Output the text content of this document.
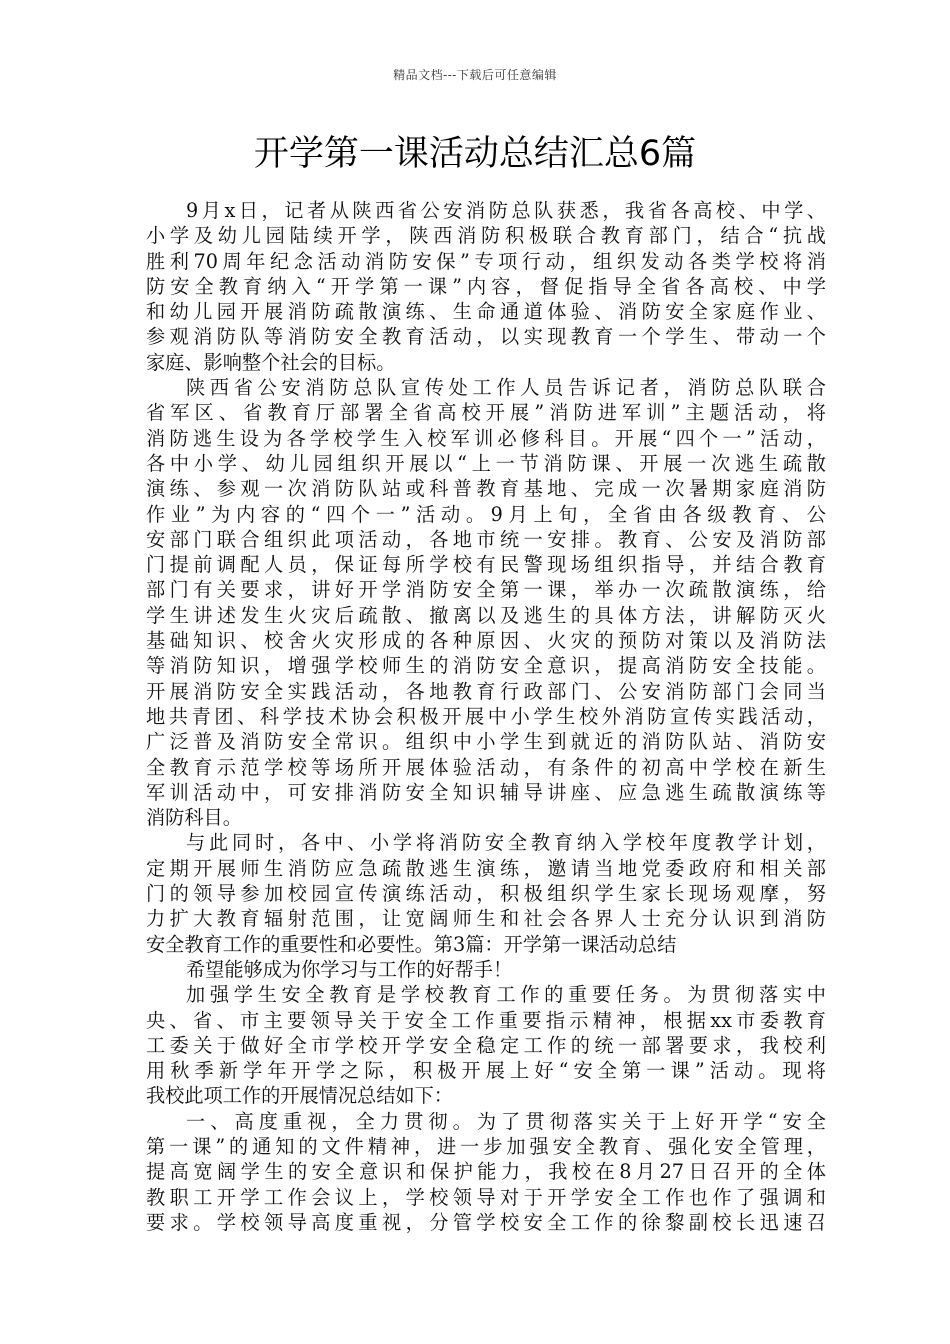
精品文档---下载后可任意编辑
开学第一课活动总结汇总6篇
9月x日，记者从陕西省公安消防总队获悉，我省各高校、中学、
小学及幼儿园陆续开学，陕西消防积极联合教育部门，结合“抗战
胜利70周年纪念活动消防安保”专项行动，组织发动各类学校将消
防安全教育纳入“开学第一课”内容，督促指导全省各高校、中学
和幼儿园开展消防疏散演练、生命通道体验、消防安全家庭作业、
参观消防队等消防安全教育活动，以实现教育一个学生、带动一个
家庭、影响整个社会的目标。
陕西省公安消防总队宣传处工作人员告诉记者，消防总队联合
省军区、省教育厅部署全省高校开展”消防进军训”主题活动，将
消防逃生设为各学校学生入校军训必修科目。开展“四个一”活动，
各中小学、幼儿园组织开展以“上一节消防课、开展一次逃生疏散
演练、参观一次消防队站或科普教育基地、完成一次暑期家庭消防
作业”为内容的“四个一”活动。9月上旬，全省由各级教育、公
安部门联合组织此项活动，各地市统一安排。教育、公安及消防部
门提前调配人员，保证每所学校有民警现场组织指导，并结合教育
部门有关要求，讲好开学消防安全第一课，举办一次疏散演练，给
学生讲述发生火灾后疏散、撤离以及逃生的具体方法，讲解防灭火
基础知识、校舍火灾形成的各种原因、火灾的预防对策以及消防法
等消防知识，增强学校师生的消防安全意识，提高消防安全技能。
开展消防安全实践活动，各地教育行政部门、公安消防部门会同当
地共青团、科学技术协会积极开展中小学生校外消防宣传实践活动，
广泛普及消防安全常识。组织中小学生到就近的消防队站、消防安
全教育示范学校等场所开展体验活动，有条件的初高中学校在新生
军训活动中，可安排消防安全知识辅导讲座、应急逃生疏散演练等
消防科目。
与此同时，各中、小学将消防安全教育纳入学校年度教学计划，
定期开展师生消防应急疏散逃生演练，邀请当地党委政府和相关部
门的领导参加校园宣传演练活动，积极组织学生家长现场观摩，努
力扩大教育辐射范围，让宽阔师生和社会各界人士充分认识到消防
安全教育工作的重要性和必要性。第3篇：开学第一课活动总结
希望能够成为你学习与工作的好帮手！
加强学生安全教育是学校教育工作的重要任务。为贯彻落实中
央、省、市主要领导关于安全工作重要指示精神，根据xx市委教育
工委关于做好全市学校开学安全稳定工作的统一部署要求，我校利
用秋季新学年开学之际，积极开展上好“安全第一课”活动。现将
我校此项工作的开展情况总结如下：
一、高度重视，全力贯彻。为了贯彻落实关于上好开学“安全
第一课”的通知的文件精神，进一步加强安全教育、强化安全管理，
提高宽阔学生的安全意识和保护能力，我校在8月27日召开的全体
教职工开学工作会议上，学校领导对于开学安全工作也作了强调和
要求。学校领导高度重视，分管学校安全工作的徐黎副校长迅速召
